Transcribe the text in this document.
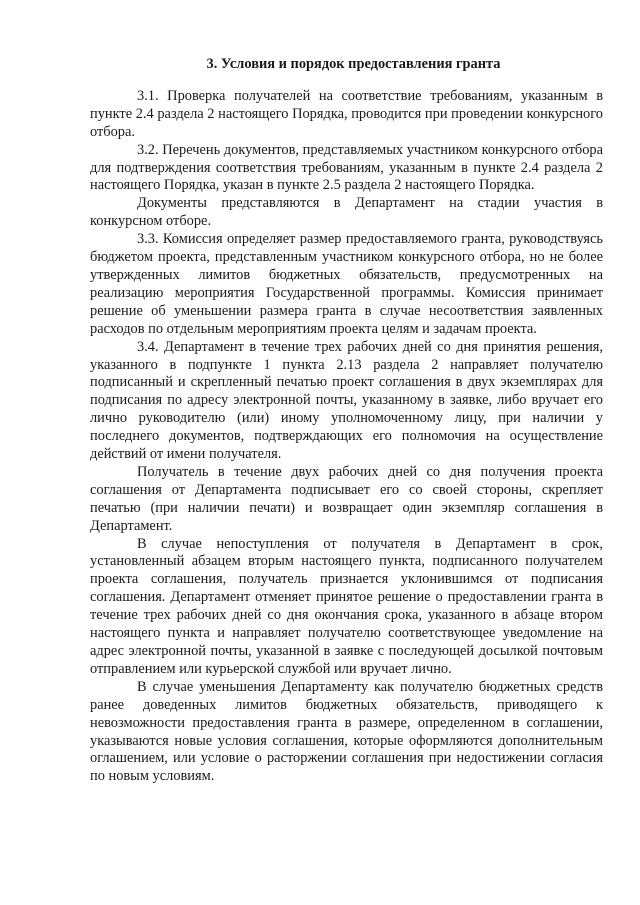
3. Условия и порядок предоставления гранта

3.1. Проверка получателей на соответствие требованиям, указанным в пункте 2.4 раздела 2 настоящего Порядка, проводится при проведении конкурсного отбора.

3.2. Перечень документов, представляемых участником конкурсного отбора для подтверждения соответствия требованиям, указанным в пункте 2.4 раздела 2 настоящего Порядка, указан в пункте 2.5 раздела 2 настоящего Порядка.

Документы представляются в Департамент на стадии участия в конкурсном отборе.

3.3. Комиссия определяет размер предоставляемого гранта, руководствуясь бюджетом проекта, представленным участником конкурсного отбора, но не более утвержденных лимитов бюджетных обязательств, предусмотренных на реализацию мероприятия Государственной программы. Комиссия принимает решение об уменьшении размера гранта в случае несоответствия заявленных расходов по отдельным мероприятиям проекта целям и задачам проекта.

3.4. Департамент в течение трех рабочих дней со дня принятия решения, указанного в подпункте 1 пункта 2.13 раздела 2 направляет получателю подписанный и скрепленный печатью проект соглашения в двух экземплярах для подписания по адресу электронной почты, указанному в заявке, либо вручает его лично руководителю (или) иному уполномоченному лицу, при наличии у последнего документов, подтверждающих его полномочия на осуществление действий от имени получателя.

Получатель в течение двух рабочих дней со дня получения проекта соглашения от Департамента подписывает его со своей стороны, скрепляет печатью (при наличии печати) и возвращает один экземпляр соглашения в Департамент.

В случае непоступления от получателя в Департамент в срок, установленный абзацем вторым настоящего пункта, подписанного получателем проекта соглашения, получатель признается уклонившимся от подписания соглашения. Департамент отменяет принятое решение о предоставлении гранта в течение трех рабочих дней со дня окончания срока, указанного в абзаце втором настоящего пункта и направляет получателю соответствующее уведомление на адрес электронной почты, указанной в заявке с последующей досылкой почтовым отправлением или курьерской службой или вручает лично.

В случае уменьшения Департаменту как получателю бюджетных средств ранее доведенных лимитов бюджетных обязательств, приводящего к невозможности предоставления гранта в размере, определенном в соглашении, указываются новые условия соглашения, которые оформляются дополнительным оглашением, или условие о расторжении соглашения при недостижении согласия по новым условиям.
